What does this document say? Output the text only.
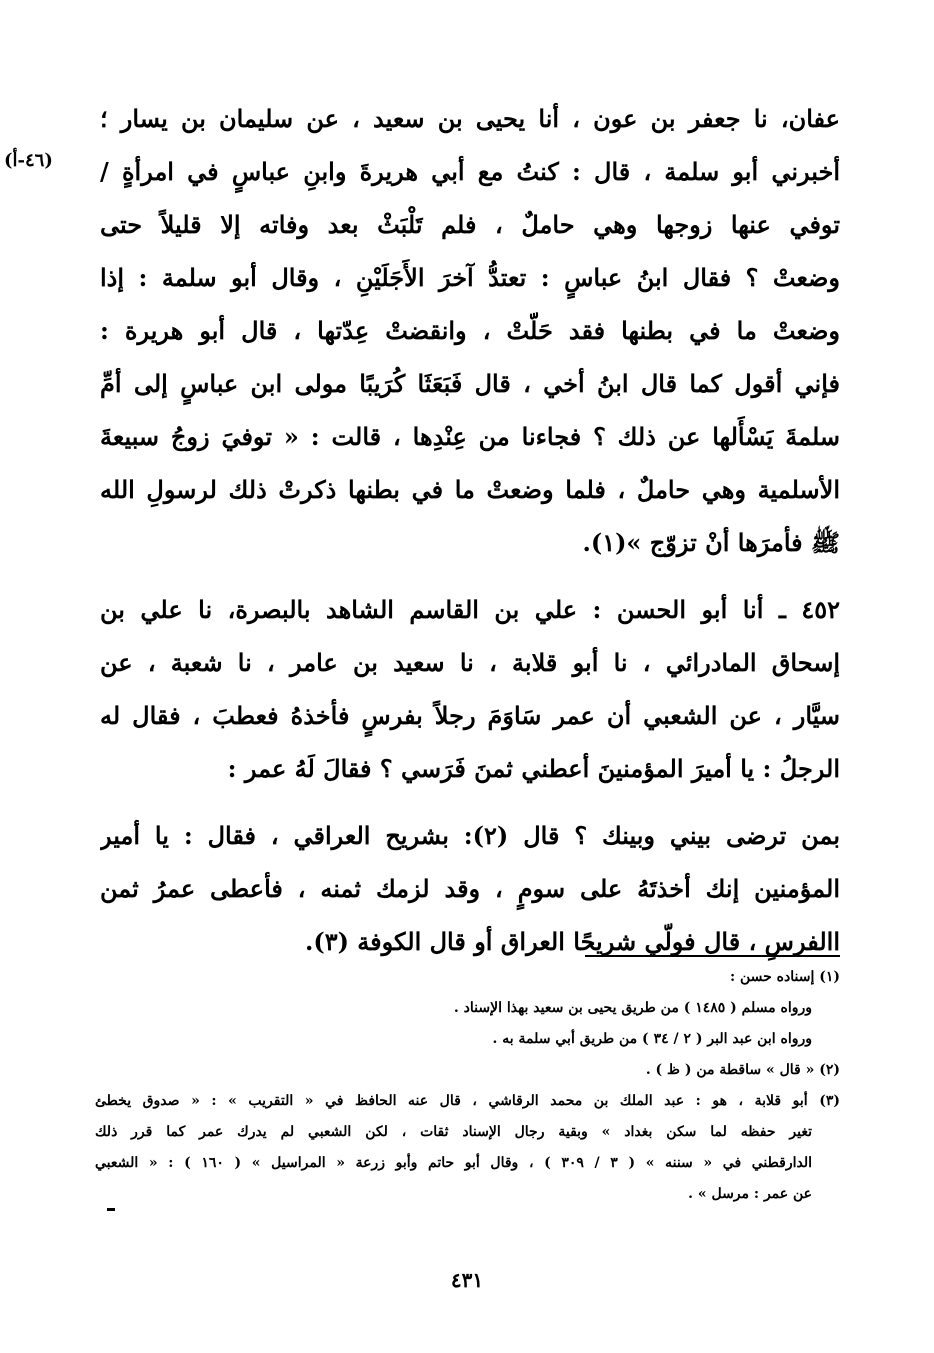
عفان، نا جعفر بن عون ، أنا يحيى بن سعيد ، عن سليمان بن يسار ؛
أخبرني أبو سلمة ، قال : كنتُ مع أبي هريرةَ وابنِ عباسٍ في امرأةٍ /
توفي عنها زوجها وهي حاملٌ ، فلم تَلْبَثْ بعد وفاته إلا قليلاً حتى
وضعتْ ؟ فقال ابنُ عباسٍ : تعتدُّ آخرَ الأَجَلَيْنِ ، وقال أبو سلمة : إذا
وضعتْ ما في بطنها فقد حَلّتْ ، وانقضتْ عِدّتها ، قال أبو هريرة :
فإني أقول كما قال ابنُ أخي ، قال فَبَعَثَا كُرَيبًا مولى ابن عباسٍ إلى أمِّ
سلمةَ يَسْأَلها عن ذلك ؟ فجاءنا من عِنْدِها ، قالت : « توفيَ زوجُ سبيعةَ
الأسلمية وهي حاملٌ ، فلما وضعتْ ما في بطنها ذكرتْ ذلك لرسولِ الله
ﷺ فأمرَها أنْ تزوّج »(١).
٤٥٢ ـ أنا أبو الحسن : علي بن القاسم الشاهد بالبصرة، نا علي بن
إسحاق المادرائي ، نا أبو قلابة ، نا سعيد بن عامر ، نا شعبة ، عن
سيَّار ، عن الشعبي أن عمر سَاوَمَ رجلاً بفرسٍ فأخذهُ فعطبَ ، فقال له
الرجلُ : يا أميرَ المؤمنينَ أعطني ثمنَ فَرَسي ؟ فقالَ لَهُ عمر :
بمن ترضى بيني وبينك ؟ قال (٢): بشريح العراقي ، فقال : يا أمير
المؤمنين إنك أخذتَهُ على سومٍ ، وقد لزمك ثمنه ، فأعطى عمرُ ثمن
االفرسِ ، قال فولّي شريحًا العراق أو قال الكوفة (٣).
(٤٦-أ)
(١) إسناده حسن :
ورواه مسلم ( ١٤٨٥ ) من طريق يحيى بن سعيد بهذا الإسناد .
ورواه ابن عبد البر ( ٢ / ٣٤ ) من طريق أبي سلمة به .
(٢) « قال » ساقطة من ( ظ ) .
(٣) أبو قلابة ، هو : عبد الملك بن محمد الرقاشي ، قال عنه الحافظ في « التقريب » : « صدوق يخطئ
تغير حفظه لما سكن بغداد » وبقية رجال الإسناد ثقات ، لكن الشعبي لم يدرك عمر كما قرر ذلك
الدارقطني في « سننه » ( ٣ / ٣٠٩ ) ، وقال أبو حاتم وأبو زرعة « المراسيل » ( ١٦٠ ) : « الشعبي
عن عمر : مرسل » .
٤٣١
